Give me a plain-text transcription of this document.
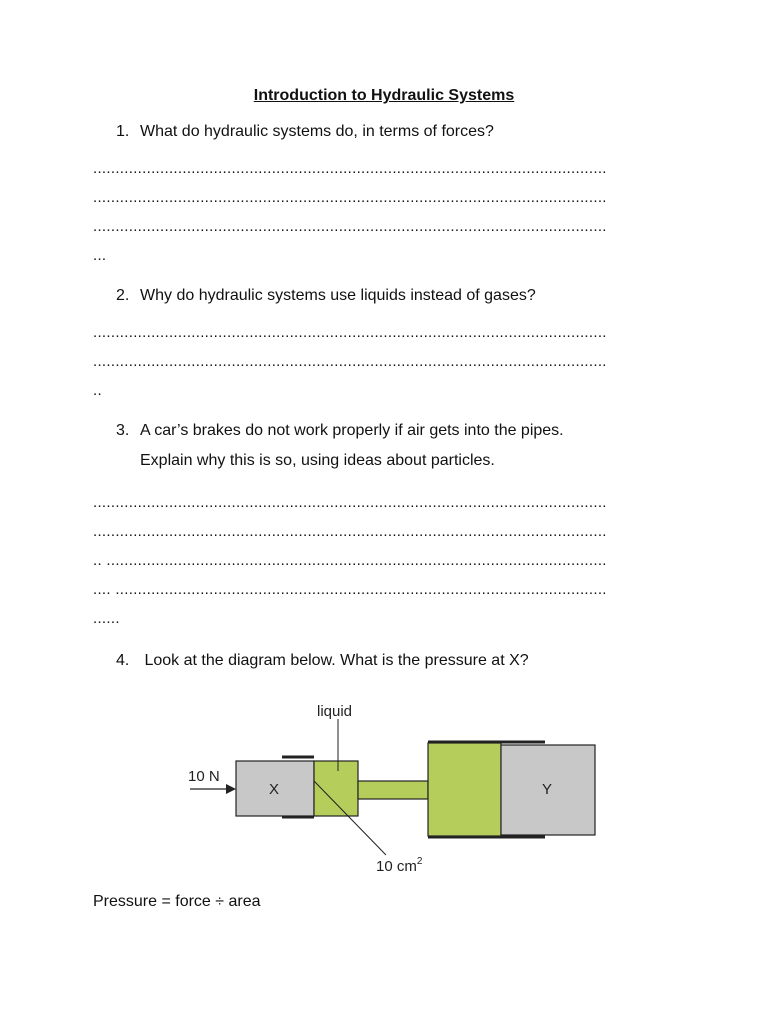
Introduction to Hydraulic Systems
1. What do hydraulic systems do, in terms of forces?
...................................................................................................................
...................................................................................................................
...................................................................................................................
...
2. Why do hydraulic systems use liquids instead of gases?
...................................................................................................................
...................................................................................................................
..
3. A car’s brakes do not work properly if air gets into the pipes.
Explain why this is so, using ideas about particles.
...................................................................................................................
...................................................................................................................
.. ................................................................................................................
.... ..............................................................................................................
......
4. Look at the diagram below. What is the pressure at X?
liquid
10 N
X	Y
10 $cm^2$
Pressure = force ÷ area
